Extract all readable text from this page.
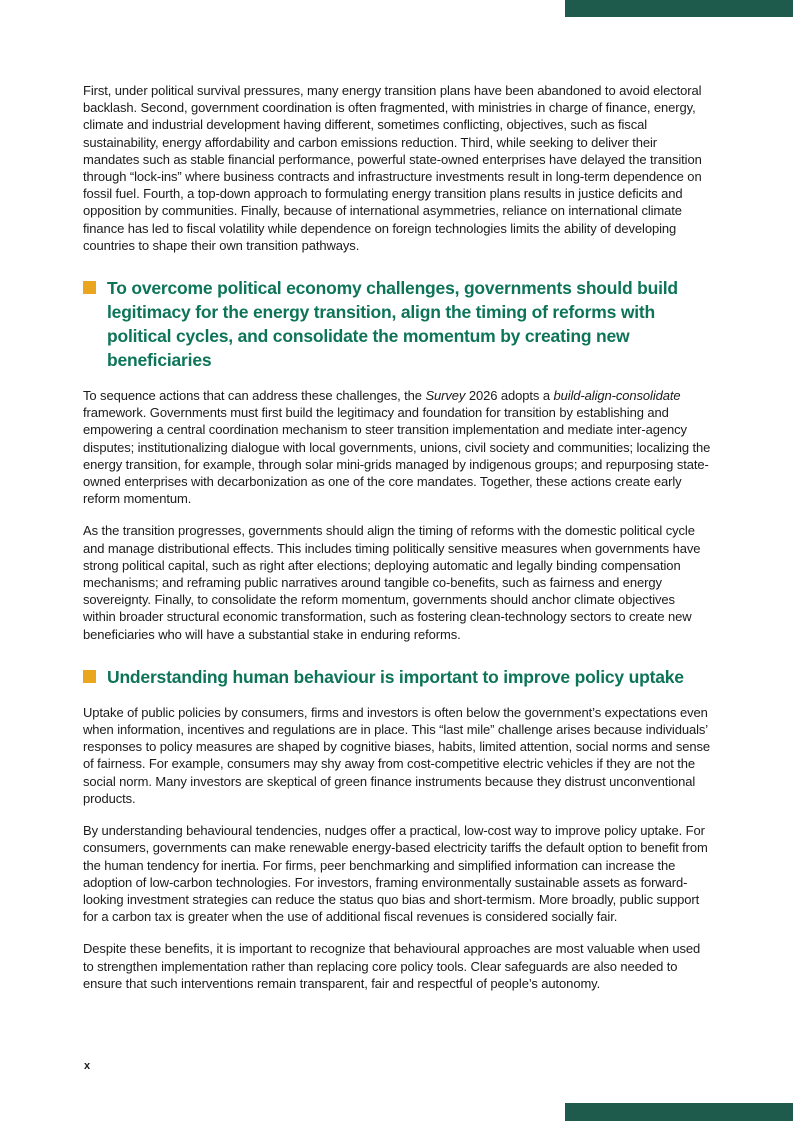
First, under political survival pressures, many energy transition plans have been abandoned to avoid electoral backlash. Second, government coordination is often fragmented, with ministries in charge of finance, energy, climate and industrial development having different, sometimes conflicting, objectives, such as fiscal sustainability, energy affordability and carbon emissions reduction. Third, while seeking to deliver their mandates such as stable financial performance, powerful state-owned enterprises have delayed the transition through “lock-ins” where business contracts and infrastructure investments result in long-term dependence on fossil fuel. Fourth, a top-down approach to formulating energy transition plans results in justice deficits and opposition by communities. Finally, because of international asymmetries, reliance on international climate finance has led to fiscal volatility while dependence on foreign technologies limits the ability of developing countries to shape their own transition pathways.

To overcome political economy challenges, governments should build legitimacy for the energy transition, align the timing of reforms with political cycles, and consolidate the momentum by creating new beneficiaries

To sequence actions that can address these challenges, the Survey 2026 adopts a build-align-consolidate framework. Governments must first build the legitimacy and foundation for transition by establishing and empowering a central coordination mechanism to steer transition implementation and mediate inter-agency disputes; institutionalizing dialogue with local governments, unions, civil society and communities; localizing the energy transition, for example, through solar mini-grids managed by indigenous groups; and repurposing state-owned enterprises with decarbonization as one of the core mandates. Together, these actions create early reform momentum.

As the transition progresses, governments should align the timing of reforms with the domestic political cycle and manage distributional effects. This includes timing politically sensitive measures when governments have strong political capital, such as right after elections; deploying automatic and legally binding compensation mechanisms; and reframing public narratives around tangible co-benefits, such as fairness and energy sovereignty. Finally, to consolidate the reform momentum, governments should anchor climate objectives within broader structural economic transformation, such as fostering clean-technology sectors to create new beneficiaries who will have a substantial stake in enduring reforms.

Understanding human behaviour is important to improve policy uptake

Uptake of public policies by consumers, firms and investors is often below the government’s expectations even when information, incentives and regulations are in place. This “last mile” challenge arises because individuals’ responses to policy measures are shaped by cognitive biases, habits, limited attention, social norms and sense of fairness. For example, consumers may shy away from cost-competitive electric vehicles if they are not the social norm. Many investors are skeptical of green finance instruments because they distrust unconventional products.

By understanding behavioural tendencies, nudges offer a practical, low-cost way to improve policy uptake. For consumers, governments can make renewable energy-based electricity tariffs the default option to benefit from the human tendency for inertia. For firms, peer benchmarking and simplified information can increase the adoption of low-carbon technologies. For investors, framing environmentally sustainable assets as forward-looking investment strategies can reduce the status quo bias and short-termism. More broadly, public support for a carbon tax is greater when the use of additional fiscal revenues is considered socially fair.

Despite these benefits, it is important to recognize that behavioural approaches are most valuable when used to strengthen implementation rather than replacing core policy tools. Clear safeguards are also needed to ensure that such interventions remain transparent, fair and respectful of people’s autonomy.

x
